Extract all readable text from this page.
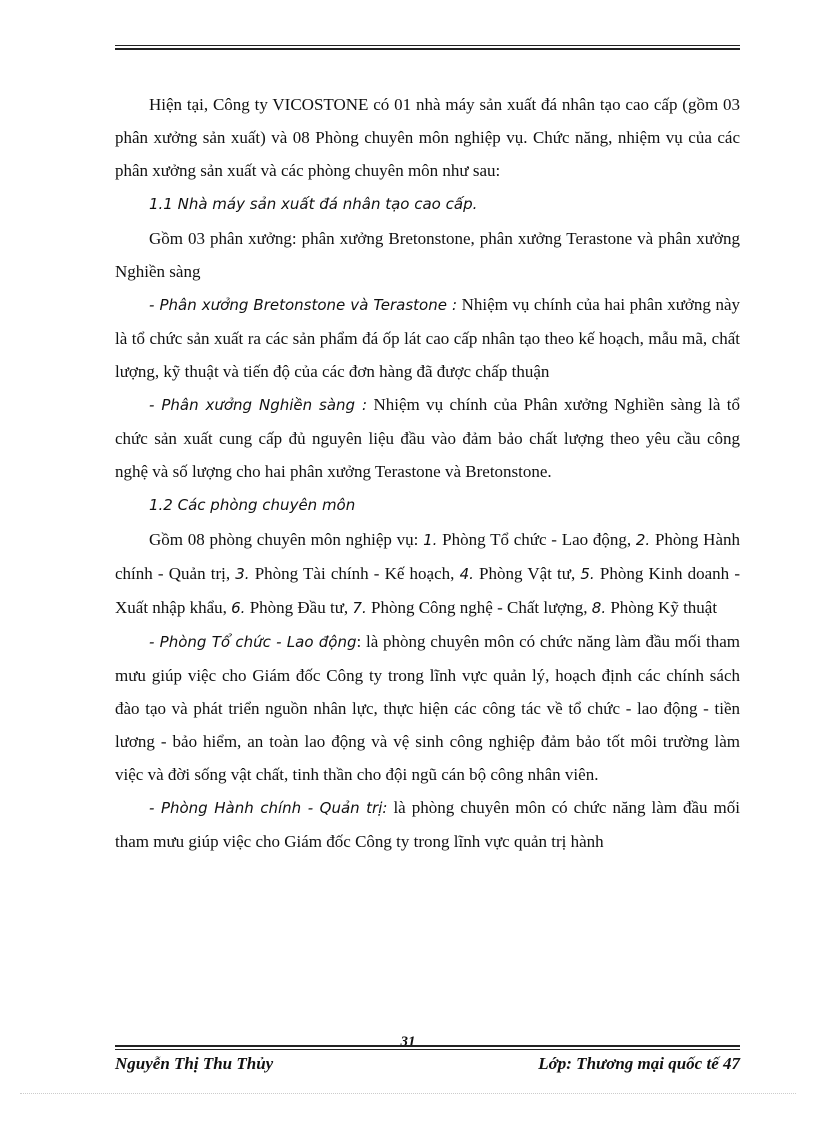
Hiện tại, Công ty VICOSTONE có 01 nhà máy sản xuất đá nhân tạo cao cấp (gồm 03 phân xưởng sản xuất) và 08 Phòng chuyên môn nghiệp vụ. Chức năng, nhiệm vụ của các phân xưởng sản xuất và các phòng chuyên môn như sau:

1.1 Nhà máy sản xuất đá nhân tạo cao cấp.

Gồm 03 phân xưởng: phân xưởng Bretonstone, phân xưởng Terastone và phân xưởng Nghiền sàng

- Phân xưởng Bretonstone và Terastone : Nhiệm vụ chính của hai phân xưởng này là tổ chức sản xuất ra các sản phẩm đá ốp lát cao cấp nhân tạo theo kế hoạch, mẫu mã, chất lượng, kỹ thuật và tiến độ của các đơn hàng đã được chấp thuận

- Phân xưởng Nghiền sàng : Nhiệm vụ chính của Phân xưởng Nghiền sàng là tổ chức sản xuất cung cấp đủ nguyên liệu đầu vào đảm bảo chất lượng theo yêu cầu công nghệ và số lượng cho hai phân xưởng Terastone và Bretonstone.

1.2 Các phòng chuyên môn

Gồm 08 phòng chuyên môn nghiệp vụ: 1. Phòng Tổ chức - Lao động, 2. Phòng Hành chính - Quản trị, 3. Phòng Tài chính - Kế hoạch, 4. Phòng Vật tư, 5. Phòng Kinh doanh - Xuất nhập khẩu, 6. Phòng Đầu tư, 7. Phòng Công nghệ - Chất lượng, 8. Phòng Kỹ thuật

- Phòng Tổ chức - Lao động: là phòng chuyên môn có chức năng làm đầu mối tham mưu giúp việc cho Giám đốc Công ty trong lĩnh vực quản lý, hoạch định các chính sách đào tạo và phát triển nguồn nhân lực, thực hiện các công tác về tổ chức - lao động - tiền lương - bảo hiểm, an toàn lao động và vệ sinh công nghiệp đảm bảo tốt môi trường làm việc và đời sống vật chất, tinh thần cho đội ngũ cán bộ công nhân viên.

- Phòng Hành chính - Quản trị: là phòng chuyên môn có chức năng làm đầu mối tham mưu giúp việc cho Giám đốc Công ty trong lĩnh vực quản trị hành

31
Nguyễn Thị Thu Thủy	Lớp: Thương mại quốc tế 47
